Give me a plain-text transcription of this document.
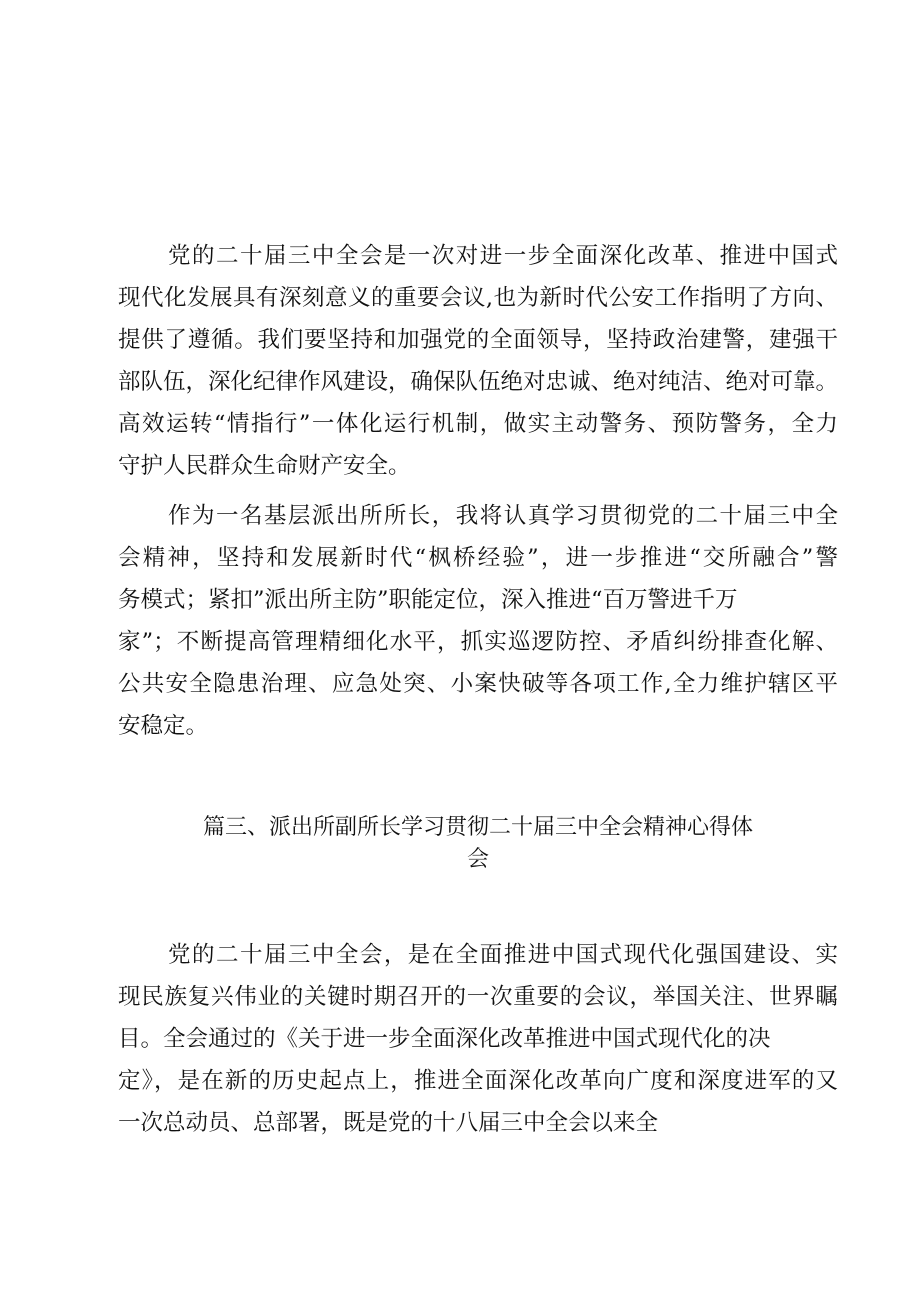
党的二十届三中全会是一次对进一步全面深化改革、推进中国式
现代化发展具有深刻意义的重要会议,也为新时代公安工作指明了方向、
提供了遵循。我们要坚持和加强党的全面领导，坚持政治建警，建强干
部队伍，深化纪律作风建设，确保队伍绝对忠诚、绝对纯洁、绝对可靠。
高效运转“情指行”一体化运行机制，做实主动警务、预防警务，全力
守护人民群众生命财产安全。
作为一名基层派出所所长，我将认真学习贯彻党的二十届三中全
会精神，坚持和发展新时代“枫桥经验”，进一步推进“交所融合”警
务模式；紧扣”派出所主防”职能定位，深入推进“百万警进千万
家”；不断提高管理精细化水平，抓实巡逻防控、矛盾纠纷排查化解、
公共安全隐患治理、应急处突、小案快破等各项工作,全力维护辖区平
安稳定。
篇三、派出所副所长学习贯彻二十届三中全会精神心得体
会
党的二十届三中全会，是在全面推进中国式现代化强国建设、实
现民族复兴伟业的关键时期召开的一次重要的会议，举国关注、世界瞩
目。全会通过的《关于进一步全面深化改革推进中国式现代化的决
定》，是在新的历史起点上，推进全面深化改革向广度和深度进军的又
一次总动员、总部署，既是党的十八届三中全会以来全
